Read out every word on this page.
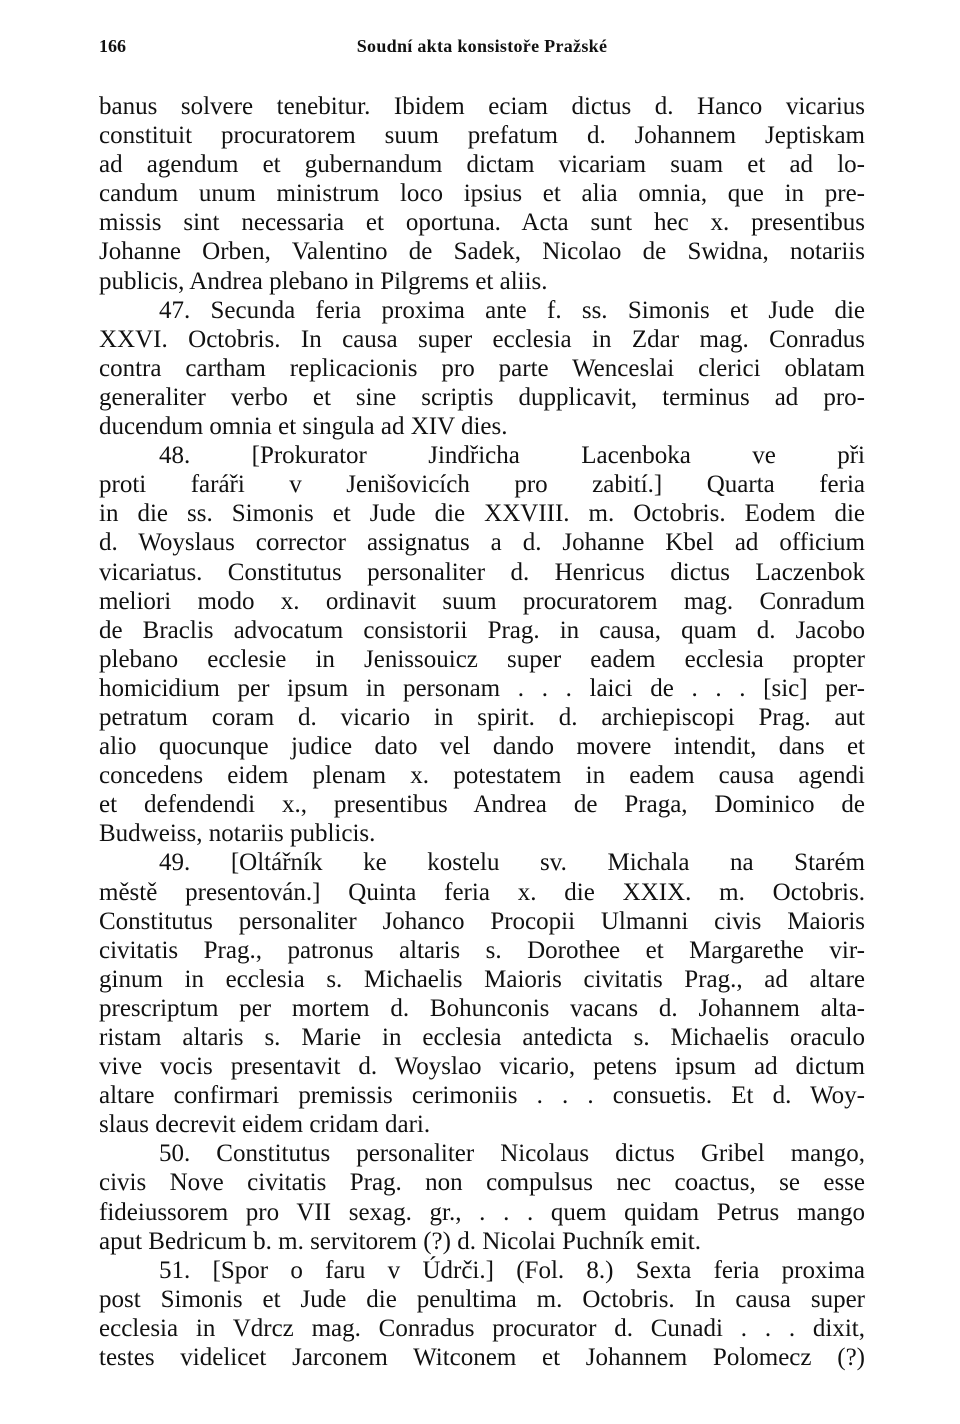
166	Soudní akta konsistoře Pražské
banus solvere tenebitur. Ibidem eciam dictus d. Hanco vicarius
constituit procuratorem suum prefatum d. Johannem Jeptiskam
ad agendum et gubernandum dictam vicariam suam et ad lo-
candum unum ministrum loco ipsius et alia omnia, que in pre-
missis sint necessaria et oportuna. Acta sunt hec x. presentibus
Johanne Orben, Valentino de Sadek, Nicolao de Swidna, notariis
publicis, Andrea plebano in Pilgrems et aliis.
47. Secunda feria proxima ante f. ss. Simonis et Jude die
XXVI. Octobris. In causa super ecclesia in Zdar mag. Conradus
contra cartham replicacionis pro parte Wenceslai clerici oblatam
generaliter verbo et sine scriptis dupplicavit, terminus ad pro-
ducendum omnia et singula ad XIV dies.
48. [Prokurator Jindřicha Lacenboka ve při
proti faráři v Jenišovicích pro zabití.] Quarta feria
in die ss. Simonis et Jude die XXVIII. m. Octobris. Eodem die
d. Woyslaus corrector assignatus a d. Johanne Kbel ad officium
vicariatus. Constitutus personaliter d. Henricus dictus Laczenbok
meliori modo x. ordinavit suum procuratorem mag. Conradum
de Braclis advocatum consistorii Prag. in causa, quam d. Jacobo
plebano ecclesie in Jenissouicz super eadem ecclesia propter
homicidium per ipsum in personam . . . laici de . . . [sic] per-
petratum coram d. vicario in spirit. d. archiepiscopi Prag. aut
alio quocunque judice dato vel dando movere intendit, dans et
concedens eidem plenam x. potestatem in eadem causa agendi
et defendendi x., presentibus Andrea de Praga, Dominico de
Budweiss, notariis publicis.
49. [Oltářník ke kostelu sv. Michala na Starém
městě presentován.] Quinta feria x. die XXIX. m. Octobris.
Constitutus personaliter Johanco Procopii Ulmanni civis Maioris
civitatis Prag., patronus altaris s. Dorothee et Margarethe vir-
ginum in ecclesia s. Michaelis Maioris civitatis Prag., ad altare
prescriptum per mortem d. Bohunconis vacans d. Johannem alta-
ristam altaris s. Marie in ecclesia antedicta s. Michaelis oraculo
vive vocis presentavit d. Woyslao vicario, petens ipsum ad dictum
altare confirmari premissis cerimoniis . . . consuetis. Et d. Woy-
slaus decrevit eidem cridam dari.
50. Constitutus personaliter Nicolaus dictus Gribel mango,
civis Nove civitatis Prag. non compulsus nec coactus, se esse
fideiussorem pro VII sexag. gr., . . . quem quidam Petrus mango
aput Bedricum b. m. servitorem (?) d. Nicolai Puchník emit.
51. [Spor o faru v Údrči.] (Fol. 8.) Sexta feria proxima
post Simonis et Jude die penultima m. Octobris. In causa super
ecclesia in Vdrcz mag. Conradus procurator d. Cunadi . . . dixit,
testes videlicet Jarconem Witconem et Johannem Polomecz (?)
